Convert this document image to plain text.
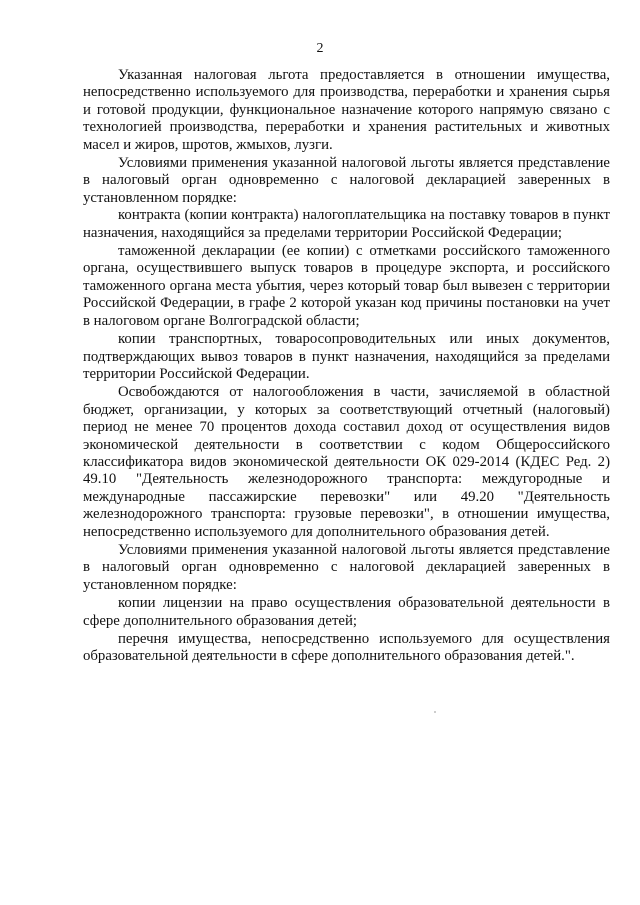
2

Указанная налоговая льгота предоставляется в отношении имущества, непосредственно используемого для производства, переработки и хранения сырья и готовой продукции, функциональное назначение которого напрямую связано с технологией производства, переработки и хранения растительных и животных масел и жиров, шротов, жмыхов, лузги.

Условиями применения указанной налоговой льготы является представление в налоговый орган одновременно с налоговой декларацией заверенных в установленном порядке:

контракта (копии контракта) налогоплательщика на поставку товаров в пункт назначения, находящийся за пределами территории Российской Федерации;

таможенной декларации (ее копии) с отметками российского таможенного органа, осуществившего выпуск товаров в процедуре экспорта, и российского таможенного органа места убытия, через который товар был вывезен с территории Российской Федерации, в графе 2 которой указан код причины постановки на учет в налоговом органе Волгоградской области;

копии транспортных, товаросопроводительных или иных документов, подтверждающих вывоз товаров в пункт назначения, находящийся за пределами территории Российской Федерации.

Освобождаются от налогообложения в части, зачисляемой в областной бюджет, организации, у которых за соответствующий отчетный (налоговый) период не менее 70 процентов дохода составил доход от осуществления видов экономической деятельности в соответствии с кодом Общероссийского классификатора видов экономической деятельности ОК 029-2014 (КДЕС Ред. 2) 49.10 "Деятельность железнодорожного транспорта: междугородные и международные пассажирские перевозки" или 49.20 "Деятельность железнодорожного транспорта: грузовые перевозки", в отношении имущества, непосредственно используемого для дополнительного образования детей.

Условиями применения указанной налоговой льготы является представление в налоговый орган одновременно с налоговой декларацией заверенных в установленном порядке:

копии лицензии на право осуществления образовательной деятельности в сфере дополнительного образования детей;

перечня имущества, непосредственно используемого для осуществления образовательной деятельности в сфере дополнительного образования детей.".
